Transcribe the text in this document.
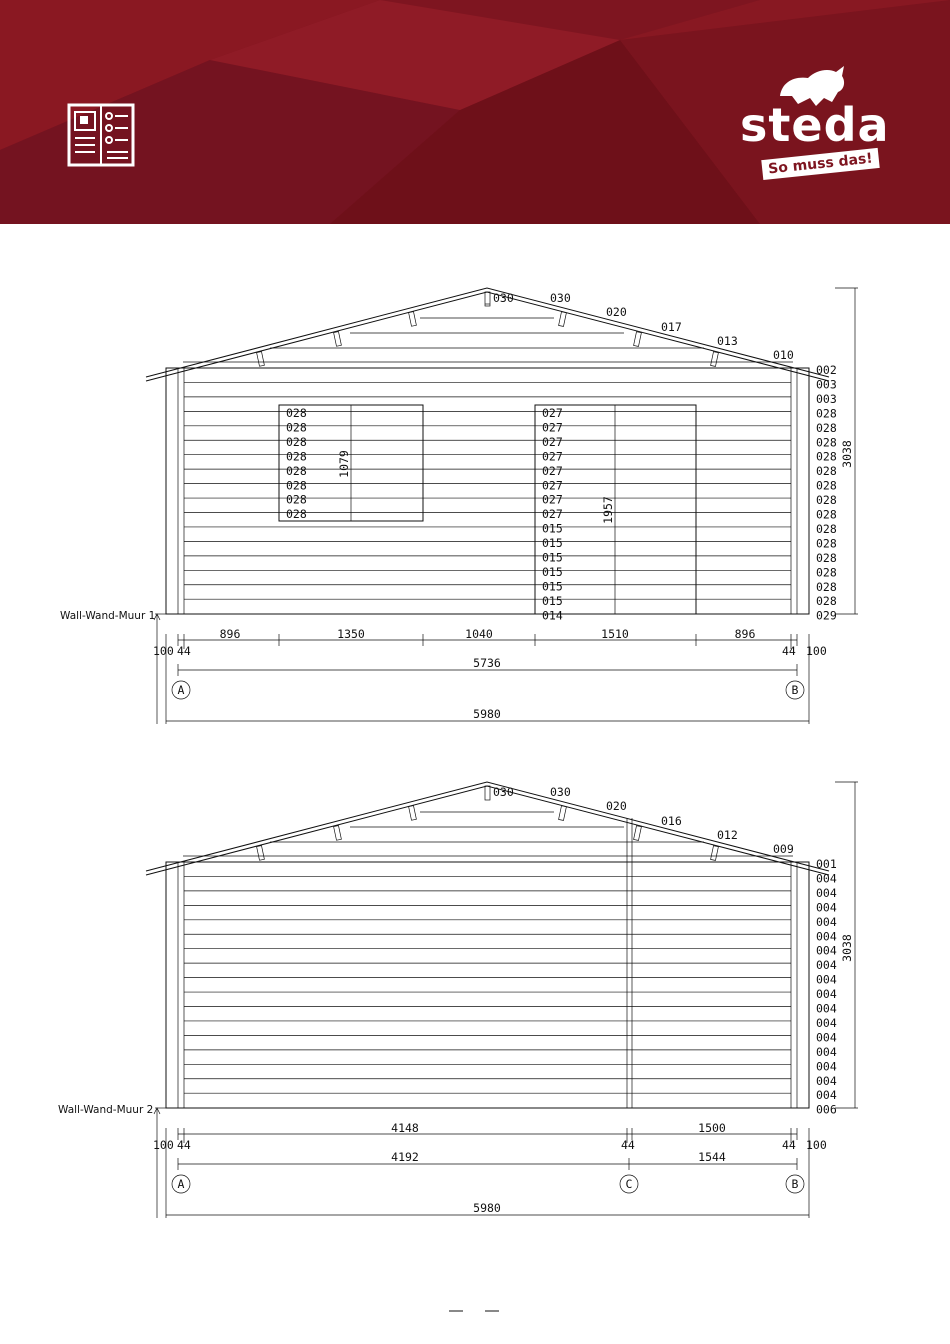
steda
So muss das!
1079
1957
030	030
020
017
013
010
002
003
003
028
028
028
028
028
028
028
028
028
028
028
028
028
028
029
028
028
028
028
028
028
028
028
027
027
027
027
027
027
027
027
015
015
015
015
015
015
014
3038
Wall-Wand-Muur 1
896	1350	1040	1510	896
100 44	44 100
5736
A	B
5980
030	030
020
016
012
009
001
004
004
004
004
004
004
004
004
004
004
004
004
004
004
004
004
006
3038
Wall-Wand-Muur 2
4148	1500
100 44	44	44 100
4192	1544
A	C	B
5980
